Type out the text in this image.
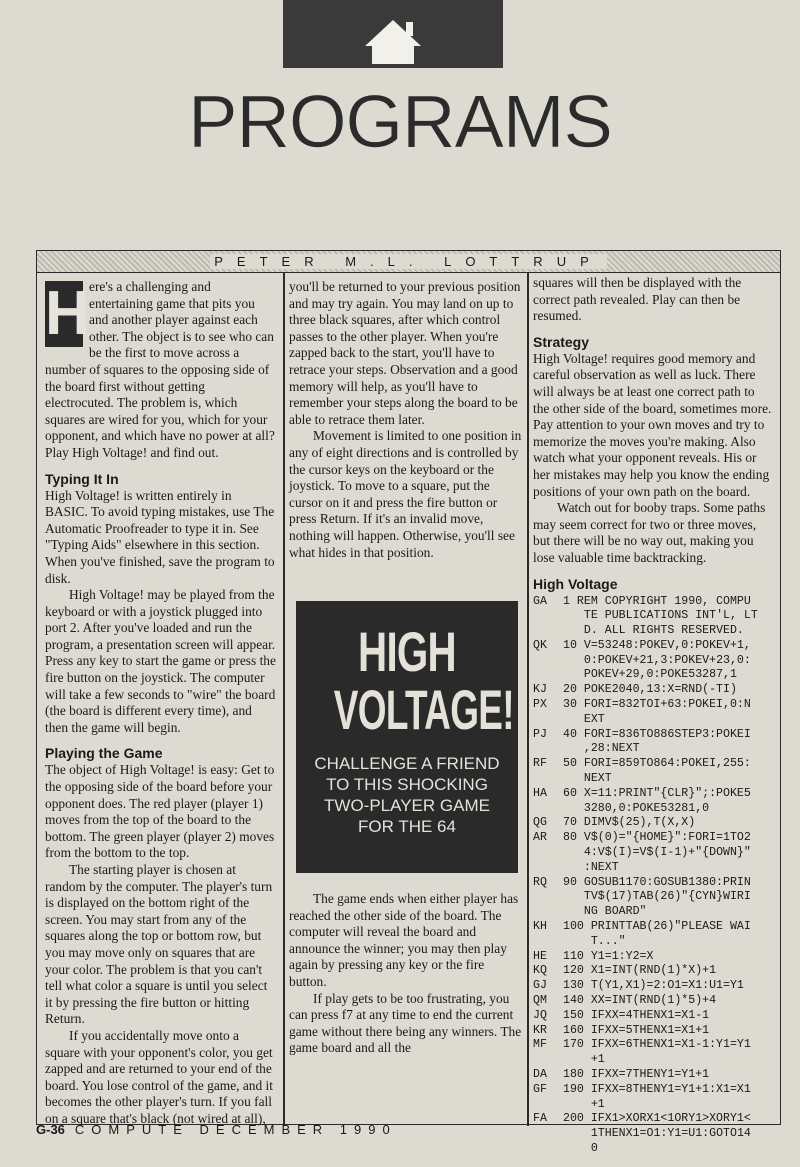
PROGRAMS
PETER M.L. LOTTRUP
H ere's a challenging and entertaining game that pits you and another player against each other. The object is to see who can be the first to move across a number of squares to the opposing side of the board first without getting electrocuted. The problem is, which squares are wired for you, which for your opponent, and which have no power at all? Play High Voltage! and find out.

Typing It In

High Voltage! is written entirely in BASIC. To avoid typing mistakes, use The Automatic Proofreader to type it in. See "Typing Aids" elsewhere in this section. When you've finished, save the program to disk.

High Voltage! may be played from the keyboard or with a joystick plugged into port 2. After you've loaded and run the program, a presentation screen will appear. Press any key to start the game or press the fire button on the joystick. The computer will take a few seconds to "wire" the board (the board is different every time), and then the game will begin.

Playing the Game

The object of High Voltage! is easy: Get to the opposing side of the board before your opponent does. The red player (player 1) moves from the top of the board to the bottom. The green player (player 2) moves from the bottom to the top.

The starting player is chosen at random by the computer. The player's turn is displayed on the bottom right of the screen. You may start from any of the squares along the top or bottom row, but you may move only on squares that are your color. The problem is that you can't tell what color a square is until you select it by pressing the fire button or hitting Return.

If you accidentally move onto a square with your opponent's color, you get zapped and are returned to your end of the board. You lose control of the game, and it becomes the other player's turn. If you fall on a square that's black (not wired at all),

you'll be returned to your previous position and may try again. You may land on up to three black squares, after which control passes to the other player. When you're zapped back to the start, you'll have to retrace your steps. Observation and a good memory will help, as you'll have to remember your steps along the board to be able to retrace them later.

Movement is limited to one position in any of eight directions and is controlled by the cursor keys on the keyboard or the joystick. To move to a square, put the cursor on it and press the fire button or press Return. If it's an invalid move, nothing will happen. Otherwise, you'll see what hides in that position.

HIGH
VOLTAGE!
CHALLENGE A FRIEND TO THIS SHOCKING TWO-PLAYER GAME FOR THE 64

The game ends when either player has reached the other side of the board. The computer will reveal the board and announce the winner; you may then play again by pressing any key or the fire button.

If play gets to be too frustrating, you can press f7 at any time to end the current game without there being any winners. The game board and all the

squares will then be displayed with the correct path revealed. Play can then be resumed.

Strategy

High Voltage! requires good memory and careful observation as well as luck. There will always be at least one correct path to the other side of the board, sometimes more. Pay attention to your own moves and try to memorize the moves you're making. Also watch what your opponent reveals. His or her mistakes may help you know the ending positions of your own path on the board.

Watch out for booby traps. Some paths may seem correct for two or three moves, but there will be no way out, making you lose valuable time backtracking.

High Voltage
GA	1 REM COPYRIGHT 1990, COMPU
TE PUBLICATIONS INT'L, LT
D. ALL RIGHTS RESERVED.
QK	10 V=53248:POKEV,0:POKEV+1,
0:POKEV+21,3:POKEV+23,0:
POKEV+29,0:POKE53287,1
KJ	20 POKE2040,13:X=RND(-TI)
PX	30 FORI=832TOI+63:POKEI,0:N
EXT
PJ	40 FORI=836TO886STEP3:POKEI
,28:NEXT
RF	50 FORI=859TO864:POKEI,255:
NEXT
HA	60 X=11:PRINT"{CLR}";:POKE5
3280,0:POKE53281,0
QG	70 DIMV$(25),T(X,X)
AR	80 V$(0)="{HOME}":FORI=1TO2
4:V$(I)=V$(I-1)+"{DOWN}"
:NEXT
RQ	90 GOSUB1170:GOSUB1380:PRIN
TV$(17)TAB(26)"{CYN}WIRI
NG BOARD"
KH	100 PRINTTAB(26)"PLEASE WAI
T..."
HE	110 Y1=1:Y2=X
KQ	120 X1=INT(RND(1)*X)+1
GJ	130 T(Y1,X1)=2:O1=X1:U1=Y1
QM	140 XX=INT(RND(1)*5)+4
JQ	150 IFXX=4THENX1=X1-1
KR	160 IFXX=5THENX1=X1+1
MF	170 IFXX=6THENX1=X1-1:Y1=Y1
+1
DA	180 IFXX=7THENY1=Y1+1
GF	190 IFXX=8THENY1=Y1+1:X1=X1
+1
FA	200 IFX1>XORX1<1ORY1>XORY1<
1THENX1=O1:Y1=U1:GOTO14
0
G-36 COMPUTE DECEMBER 1990
